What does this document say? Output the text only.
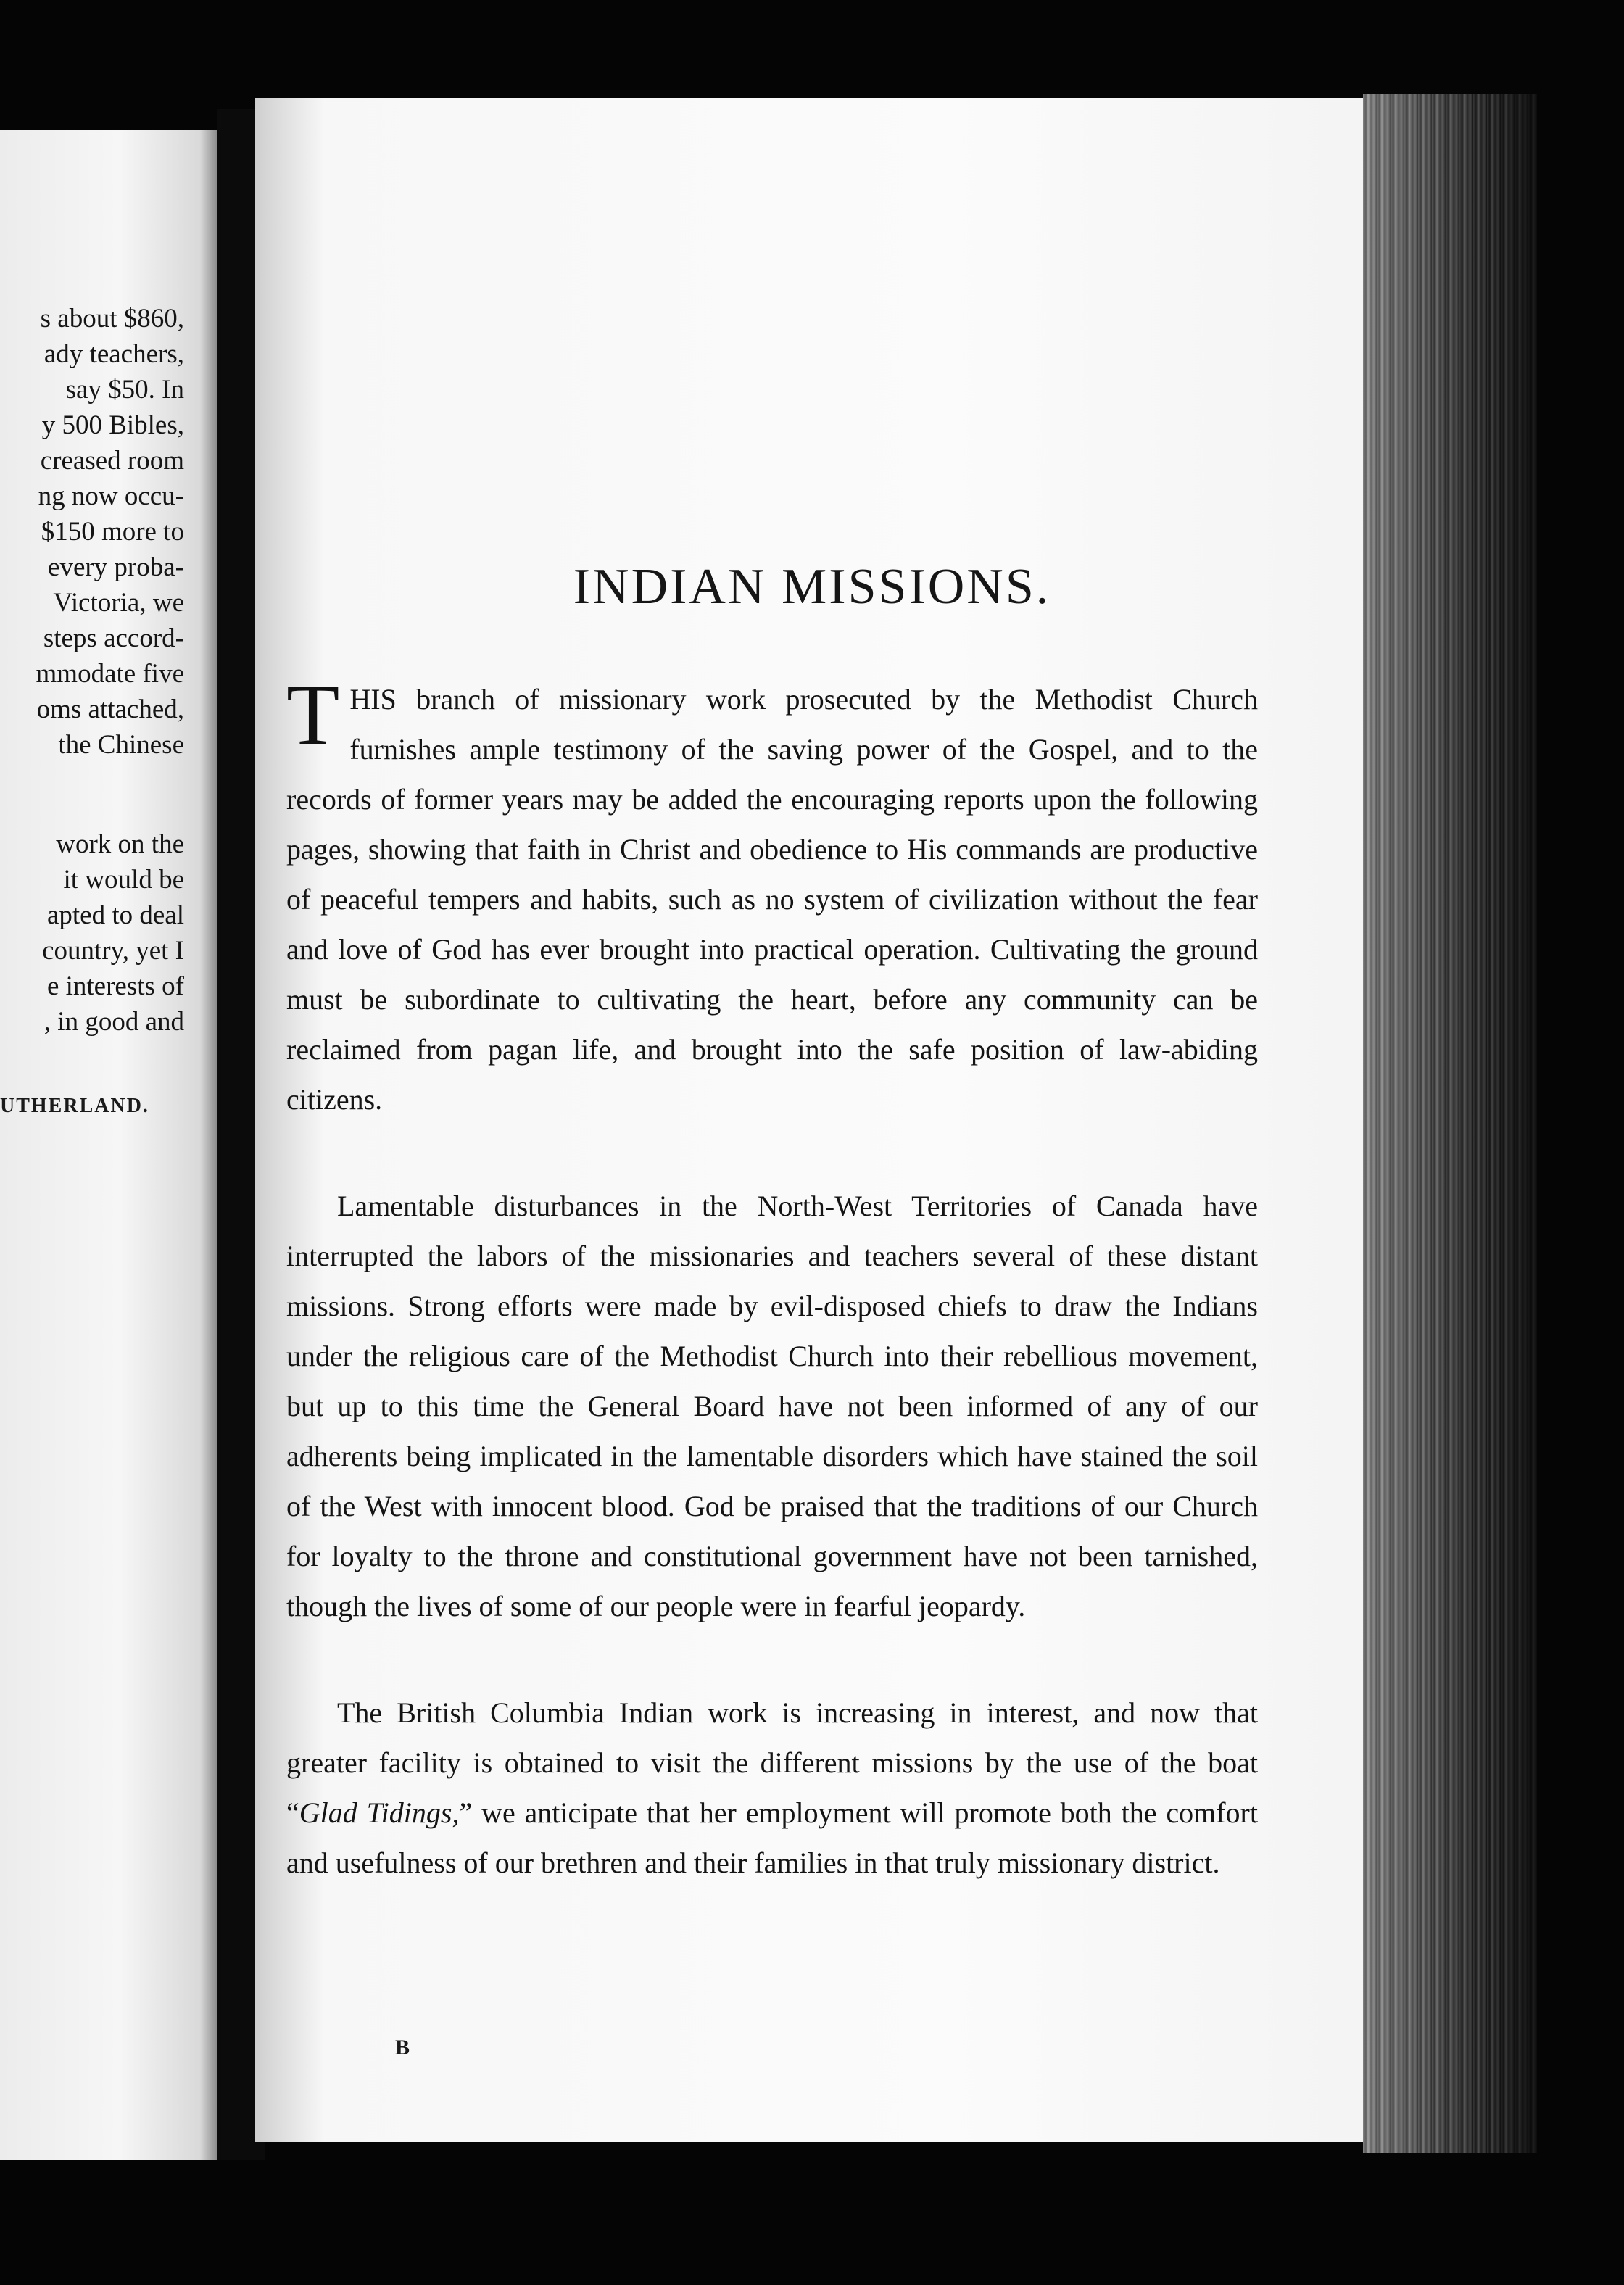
s about $860,
ady teachers,
say $50. In
y 500 Bibles,
creased room
ng now occu-
$150 more to
every proba-
Victoria, we
steps accord-
mmodate five
oms attached,
the Chinese
work on the
it would be
apted to deal
country, yet I
e interests of
, in good and
UTHERLAND.
INDIAN MISSIONS.

THIS branch of missionary work prosecuted by the Methodist Church furnishes ample testimony of the saving power of the Gospel, and to the records of former years may be added the encouraging reports upon the following pages, showing that faith in Christ and obedience to His commands are productive of peaceful tempers and habits, such as no system of civilization without the fear and love of God has ever brought into practical operation. Cultivating the ground must be subordinate to cultivating the heart, before any community can be reclaimed from pagan life, and brought into the safe position of law-abiding citizens.

Lamentable disturbances in the North-West Territories of Canada have interrupted the labors of the missionaries and teachers several of these distant missions. Strong efforts were made by evil-disposed chiefs to draw the Indians under the religious care of the Methodist Church into their rebellious movement, but up to this time the General Board have not been informed of any of our adherents being implicated in the lamentable disorders which have stained the soil of the West with innocent blood. God be praised that the traditions of our Church for loyalty to the throne and constitutional government have not been tarnished, though the lives of some of our people were in fearful jeopardy.

The British Columbia Indian work is increasing in interest, and now that greater facility is obtained to visit the different missions by the use of the boat “Glad Tidings,” we anticipate that her employment will promote both the comfort and usefulness of our brethren and their families in that truly missionary district.

B
